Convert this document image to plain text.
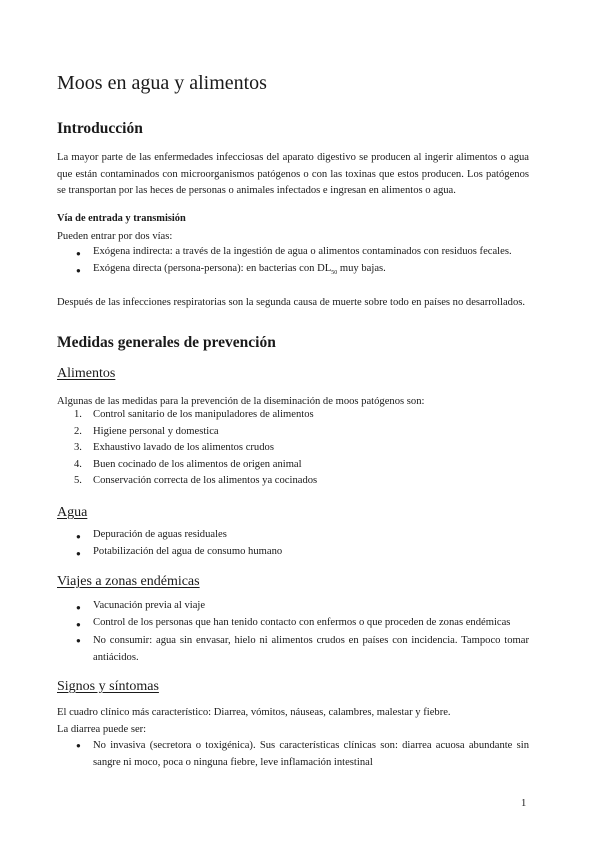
Moos en agua y alimentos
Introducción
La mayor parte de las enfermedades infecciosas del aparato digestivo se producen al ingerir alimentos o agua que están contaminados con microorganismos patógenos o con las toxinas que estos producen. Los patógenos se transportan por las heces de personas o animales infectados e ingresan en alimentos o agua.
Vía de entrada y transmisión
Pueden entrar por dos vías:
● Exógena indirecta: a través de la ingestión de agua o alimentos contaminados con residuos fecales.
● Exógena directa (persona-persona): en bacterias con $DL_{50}$ muy bajas.
Después de las infecciones respiratorias son la segunda causa de muerte sobre todo en países no desarrollados.
Medidas generales de prevención
Alimentos
Algunas de las medidas para la prevención de la diseminación de moos patógenos son:
1. Control sanitario de los manipuladores de alimentos
2. Higiene personal y domestica
3. Exhaustivo lavado de los alimentos crudos
4. Buen cocinado de los alimentos de origen animal
5. Conservación correcta de los alimentos ya cocinados
Agua
● Depuración de aguas residuales
● Potabilización del agua de consumo humano
Viajes a zonas endémicas
● Vacunación previa al viaje
● Control de los personas que han tenido contacto con enfermos o que proceden de zonas endémicas
● No consumir: agua sin envasar, hielo ni alimentos crudos en países con incidencia. Tampoco tomar antiácidos.
Signos y síntomas
El cuadro clínico más característico: Diarrea, vómitos, náuseas, calambres, malestar y fiebre.
La diarrea puede ser:
● No invasiva (secretora o toxigénica). Sus características clínicas son: diarrea acuosa abundante sin sangre ni moco, poca o ninguna fiebre, leve inflamación intestinal
1
